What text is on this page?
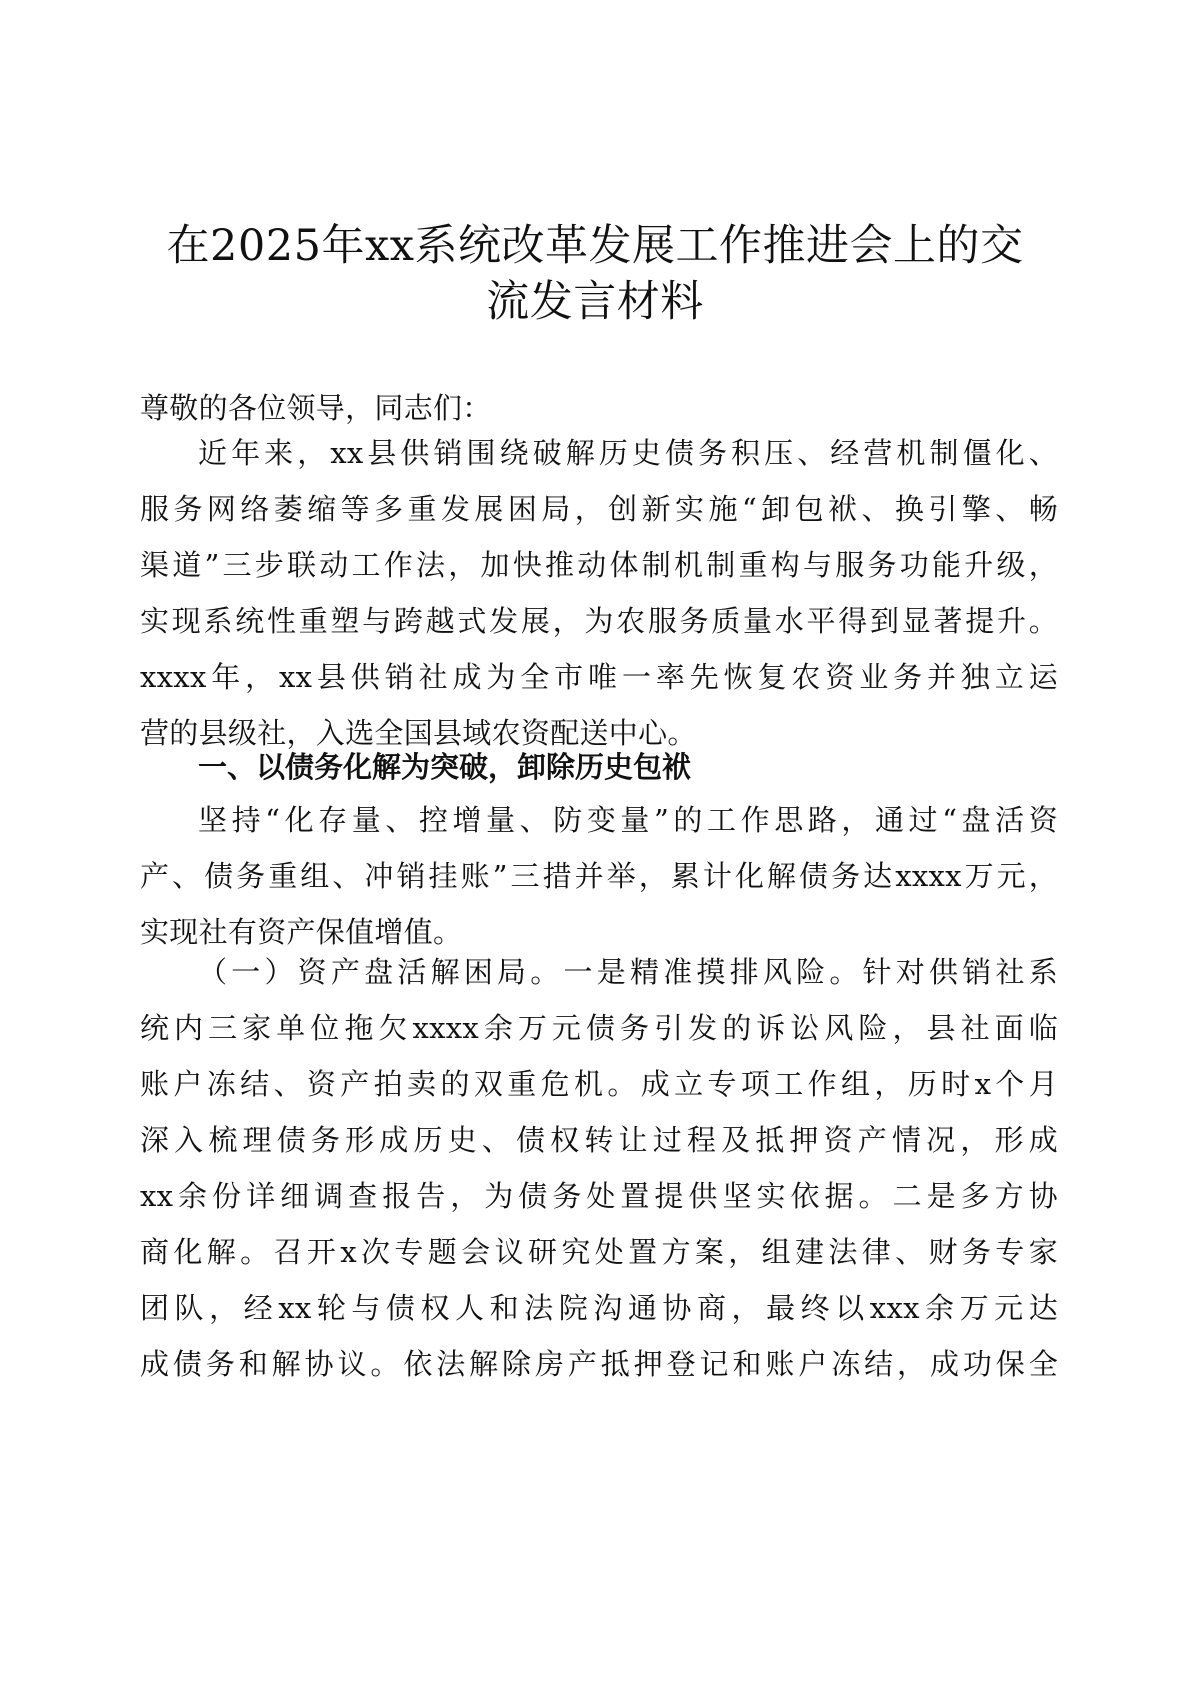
在2025年xx系统改革发展工作推进会上的交
流发言材料

尊敬的各位领导，同志们：

近年来，xx县供销围绕破解历史债务积压、经营机制僵化、
服务网络萎缩等多重发展困局，创新实施“卸包袱、换引擎、畅
渠道”三步联动工作法，加快推动体制机制重构与服务功能升级，
实现系统性重塑与跨越式发展，为农服务质量水平得到显著提升。
xxxx年，xx县供销社成为全市唯一率先恢复农资业务并独立运
营的县级社，入选全国县域农资配送中心。
一、以债务化解为突破，卸除历史包袱
坚持“化存量、控增量、防变量”的工作思路，通过“盘活资
产、债务重组、冲销挂账”三措并举，累计化解债务达xxxx万元，
实现社有资产保值增值。
（一）资产盘活解困局。一是精准摸排风险。针对供销社系
统内三家单位拖欠xxxx余万元债务引发的诉讼风险，县社面临
账户冻结、资产拍卖的双重危机。成立专项工作组，历时x个月
深入梳理债务形成历史、债权转让过程及抵押资产情况，形成
xx余份详细调查报告，为债务处置提供坚实依据。二是多方协
商化解。召开x次专题会议研究处置方案，组建法律、财务专家
团队，经xx轮与债权人和法院沟通协商，最终以xxx余万元达
成债务和解协议。依法解除房产抵押登记和账户冻结，成功保全
